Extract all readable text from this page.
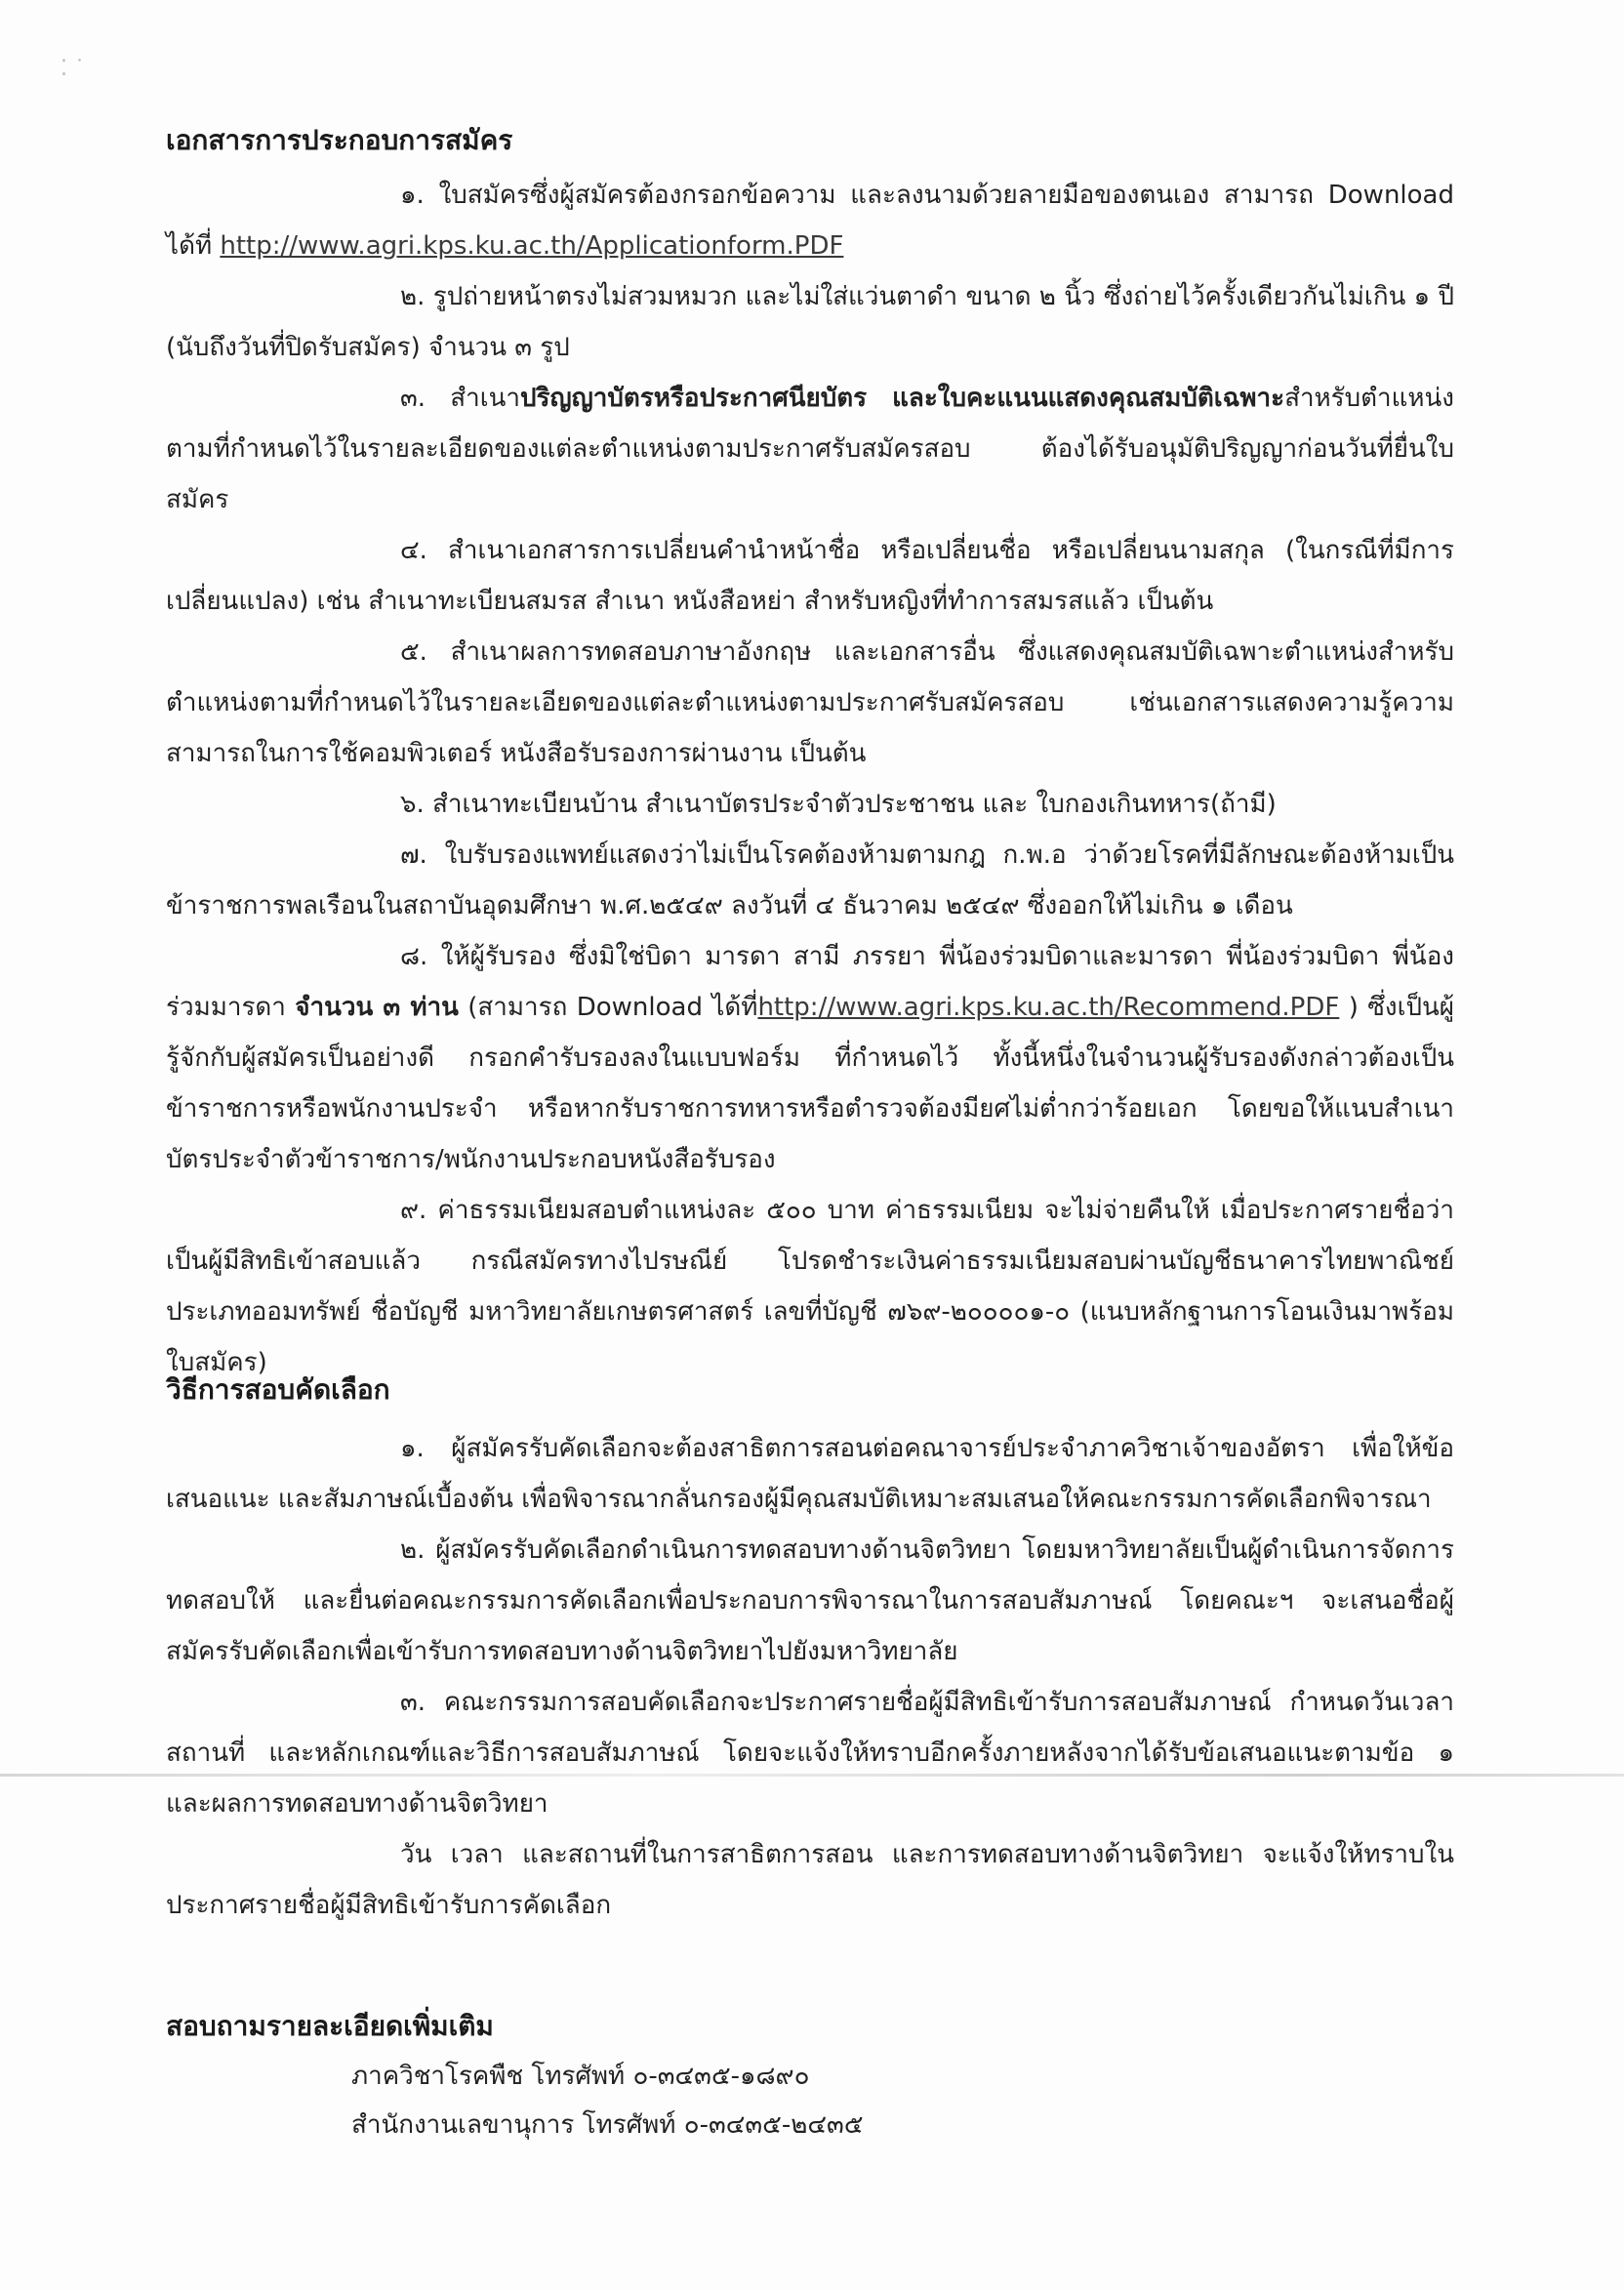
⁚ ˙
เอกสารการประกอบการสมัคร

๑. ใบสมัครซึ่งผู้สมัครต้องกรอกข้อความ และลงนามด้วยลายมือของตนเอง สามารถ Download ได้ที่ http://www.agri.kps.ku.ac.th/Applicationform.PDF

๒. รูปถ่ายหน้าตรงไม่สวมหมวก และไม่ใส่แว่นตาดำ ขนาด ๒ นิ้ว ซึ่งถ่ายไว้ครั้งเดียวกันไม่เกิน ๑ ปี (นับถึงวันที่ปิดรับสมัคร) จำนวน ๓ รูป

๓. สำเนาปริญญาบัตรหรือประกาศนียบัตร และใบคะแนนแสดงคุณสมบัติเฉพาะสำหรับตำแหน่งตามที่กำหนดไว้ในรายละเอียดของแต่ละตำแหน่งตามประกาศรับสมัครสอบ ต้องได้รับอนุมัติปริญญาก่อนวันที่ยื่นใบสมัคร

๔. สำเนาเอกสารการเปลี่ยนคำนำหน้าชื่อ หรือเปลี่ยนชื่อ หรือเปลี่ยนนามสกุล (ในกรณีที่มีการเปลี่ยนแปลง) เช่น สำเนาทะเบียนสมรส สำเนา หนังสือหย่า สำหรับหญิงที่ทำการสมรสแล้ว เป็นต้น

๕. สำเนาผลการทดสอบภาษาอังกฤษ และเอกสารอื่น ซึ่งแสดงคุณสมบัติเฉพาะตำแหน่งสำหรับตำแหน่งตามที่กำหนดไว้ในรายละเอียดของแต่ละตำแหน่งตามประกาศรับสมัครสอบ เช่นเอกสารแสดงความรู้ความสามารถในการใช้คอมพิวเตอร์ หนังสือรับรองการผ่านงาน เป็นต้น

๖. สำเนาทะเบียนบ้าน สำเนาบัตรประจำตัวประชาชน และ ใบกองเกินทหาร(ถ้ามี)

๗. ใบรับรองแพทย์แสดงว่าไม่เป็นโรคต้องห้ามตามกฎ ก.พ.อ ว่าด้วยโรคที่มีลักษณะต้องห้ามเป็นข้าราชการพลเรือนในสถาบันอุดมศึกษา พ.ศ.๒๕๔๙ ลงวันที่ ๔ ธันวาคม ๒๕๔๙ ซึ่งออกให้ไม่เกิน ๑ เดือน

๘. ให้ผู้รับรอง ซึ่งมิใช่บิดา มารดา สามี ภรรยา พี่น้องร่วมบิดาและมารดา พี่น้องร่วมบิดา พี่น้องร่วมมารดา จำนวน ๓ ท่าน (สามารถ Download ได้ที่http://www.agri.kps.ku.ac.th/Recommend.PDF ) ซึ่งเป็นผู้รู้จักกับผู้สมัครเป็นอย่างดี กรอกคำรับรองลงในแบบฟอร์ม ที่กำหนดไว้ ทั้งนี้หนึ่งในจำนวนผู้รับรองดังกล่าวต้องเป็นข้าราชการหรือพนักงานประจำ หรือหากรับราชการทหารหรือตำรวจต้องมียศไม่ต่ำกว่าร้อยเอก โดยขอให้แนบสำเนาบัตรประจำตัวข้าราชการ/พนักงานประกอบหนังสือรับรอง

๙. ค่าธรรมเนียมสอบตำแหน่งละ ๕๐๐ บาท ค่าธรรมเนียม จะไม่จ่ายคืนให้ เมื่อประกาศรายชื่อว่าเป็นผู้มีสิทธิเข้าสอบแล้ว กรณีสมัครทางไปรษณีย์ โปรดชำระเงินค่าธรรมเนียมสอบผ่านบัญชีธนาคารไทยพาณิชย์ ประเภทออมทรัพย์ ชื่อบัญชี มหาวิทยาลัยเกษตรศาสตร์ เลขที่บัญชี ๗๖๙-๒๐๐๐๐๑-๐ (แนบหลักฐานการโอนเงินมาพร้อมใบสมัคร)

วิธีการสอบคัดเลือก

๑. ผู้สมัครรับคัดเลือกจะต้องสาธิตการสอนต่อคณาจารย์ประจำภาควิชาเจ้าของอัตรา เพื่อให้ข้อเสนอแนะ และสัมภาษณ์เบื้องต้น เพื่อพิจารณากลั่นกรองผู้มีคุณสมบัติเหมาะสมเสนอให้คณะกรรมการคัดเลือกพิจารณา

๒. ผู้สมัครรับคัดเลือกดำเนินการทดสอบทางด้านจิตวิทยา โดยมหาวิทยาลัยเป็นผู้ดำเนินการจัดการทดสอบให้ และยื่นต่อคณะกรรมการคัดเลือกเพื่อประกอบการพิจารณาในการสอบสัมภาษณ์ โดยคณะฯ จะเสนอชื่อผู้สมัครรับคัดเลือกเพื่อเข้ารับการทดสอบทางด้านจิตวิทยาไปยังมหาวิทยาลัย

๓. คณะกรรมการสอบคัดเลือกจะประกาศรายชื่อผู้มีสิทธิเข้ารับการสอบสัมภาษณ์ กำหนดวันเวลา สถานที่ และหลักเกณฑ์และวิธีการสอบสัมภาษณ์ โดยจะแจ้งให้ทราบอีกครั้งภายหลังจากได้รับข้อเสนอแนะตามข้อ ๑ และผลการทดสอบทางด้านจิตวิทยา

วัน เวลา และสถานที่ในการสาธิตการสอน และการทดสอบทางด้านจิตวิทยา จะแจ้งให้ทราบในประกาศรายชื่อผู้มีสิทธิเข้ารับการคัดเลือก

สอบถามรายละเอียดเพิ่มเติม
ภาควิชาโรคพืช โทรศัพท์ ๐-๓๔๓๕-๑๘๙๐
สำนักงานเลขานุการ โทรศัพท์ ๐-๓๔๓๕-๒๔๓๕
